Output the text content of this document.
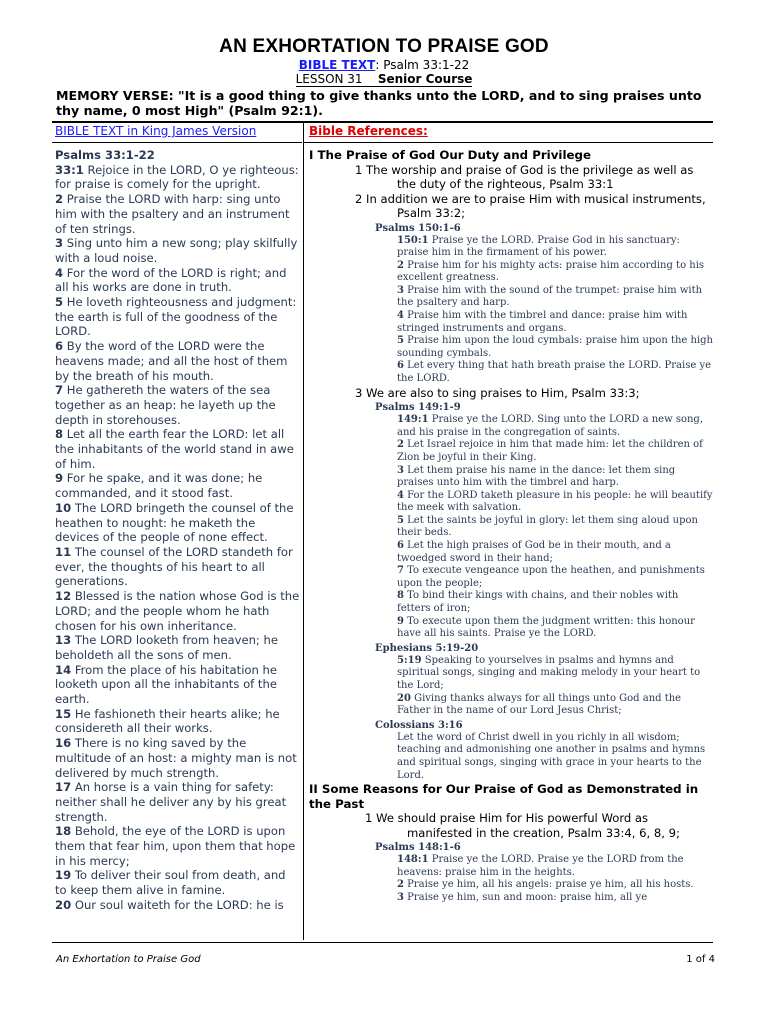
AN EXHORTATION TO PRAISE GOD
BIBLE TEXT: Psalm 33:1-22
LESSON 31 Senior Course
MEMORY VERSE: "It is a good thing to give thanks unto the LORD, and to sing praises unto thy name, 0 most High" (Psalm 92:1).
BIBLE TEXT in King James Version	Bible References:
Psalms 33:1-22
33:1 Rejoice in the LORD, O ye righteous: for praise is comely for the upright.
2 Praise the LORD with harp: sing unto him with the psaltery and an instrument of ten strings.
3 Sing unto him a new song; play skilfully with a loud noise.
4 For the word of the LORD is right; and all his works are done in truth.
5 He loveth righteousness and judgment: the earth is full of the goodness of the LORD.
6 By the word of the LORD were the heavens made; and all the host of them by the breath of his mouth.
7 He gathereth the waters of the sea together as an heap: he layeth up the depth in storehouses.
8 Let all the earth fear the LORD: let all the inhabitants of the world stand in awe of him.
9 For he spake, and it was done; he commanded, and it stood fast.
10 The LORD bringeth the counsel of the heathen to nought: he maketh the devices of the people of none effect.
11 The counsel of the LORD standeth for ever, the thoughts of his heart to all generations.
12 Blessed is the nation whose God is the LORD; and the people whom he hath chosen for his own inheritance.
13 The LORD looketh from heaven; he beholdeth all the sons of men.
14 From the place of his habitation he looketh upon all the inhabitants of the earth.
15 He fashioneth their hearts alike; he considereth all their works.
16 There is no king saved by the multitude of an host: a mighty man is not delivered by much strength.
17 An horse is a vain thing for safety: neither shall he deliver any by his great strength.
18 Behold, the eye of the LORD is upon them that fear him, upon them that hope in his mercy;
19 To deliver their soul from death, and to keep them alive in famine.
20 Our soul waiteth for the LORD: he is
I The Praise of God Our Duty and Privilege
1 The worship and praise of God is the privilege as well as the duty of the righteous, Psalm 33:1
2 In addition we are to praise Him with musical instruments, Psalm 33:2;
Psalms 150:1-6
150:1 Praise ye the LORD. Praise God in his sanctuary: praise him in the firmament of his power.
2 Praise him for his mighty acts: praise him according to his excellent greatness.
3 Praise him with the sound of the trumpet: praise him with the psaltery and harp.
4 Praise him with the timbrel and dance: praise him with stringed instruments and organs.
5 Praise him upon the loud cymbals: praise him upon the high sounding cymbals.
6 Let every thing that hath breath praise the LORD. Praise ye the LORD.
3 We are also to sing praises to Him, Psalm 33:3;
Psalms 149:1-9
149:1 Praise ye the LORD. Sing unto the LORD a new song, and his praise in the congregation of saints.
2 Let Israel rejoice in him that made him: let the children of Zion be joyful in their King.
3 Let them praise his name in the dance: let them sing praises unto him with the timbrel and harp.
4 For the LORD taketh pleasure in his people: he will beautify the meek with salvation.
5 Let the saints be joyful in glory: let them sing aloud upon their beds.
6 Let the high praises of God be in their mouth, and a twoedged sword in their hand;
7 To execute vengeance upon the heathen, and punishments upon the people;
8 To bind their kings with chains, and their nobles with fetters of iron;
9 To execute upon them the judgment written: this honour have all his saints. Praise ye the LORD.
Ephesians 5:19-20
5:19 Speaking to yourselves in psalms and hymns and spiritual songs, singing and making melody in your heart to the Lord;
20 Giving thanks always for all things unto God and the Father in the name of our Lord Jesus Christ;
Colossians 3:16
Let the word of Christ dwell in you richly in all wisdom; teaching and admonishing one another in psalms and hymns and spiritual songs, singing with grace in your hearts to the Lord.
II Some Reasons for Our Praise of God as Demonstrated in the Past
1 We should praise Him for His powerful Word as manifested in the creation, Psalm 33:4, 6, 8, 9;
Psalms 148:1-6
148:1 Praise ye the LORD. Praise ye the LORD from the heavens: praise him in the heights.
2 Praise ye him, all his angels: praise ye him, all his hosts.
3 Praise ye him, sun and moon: praise him, all ye
An Exhortation to Praise God	1 of 4
